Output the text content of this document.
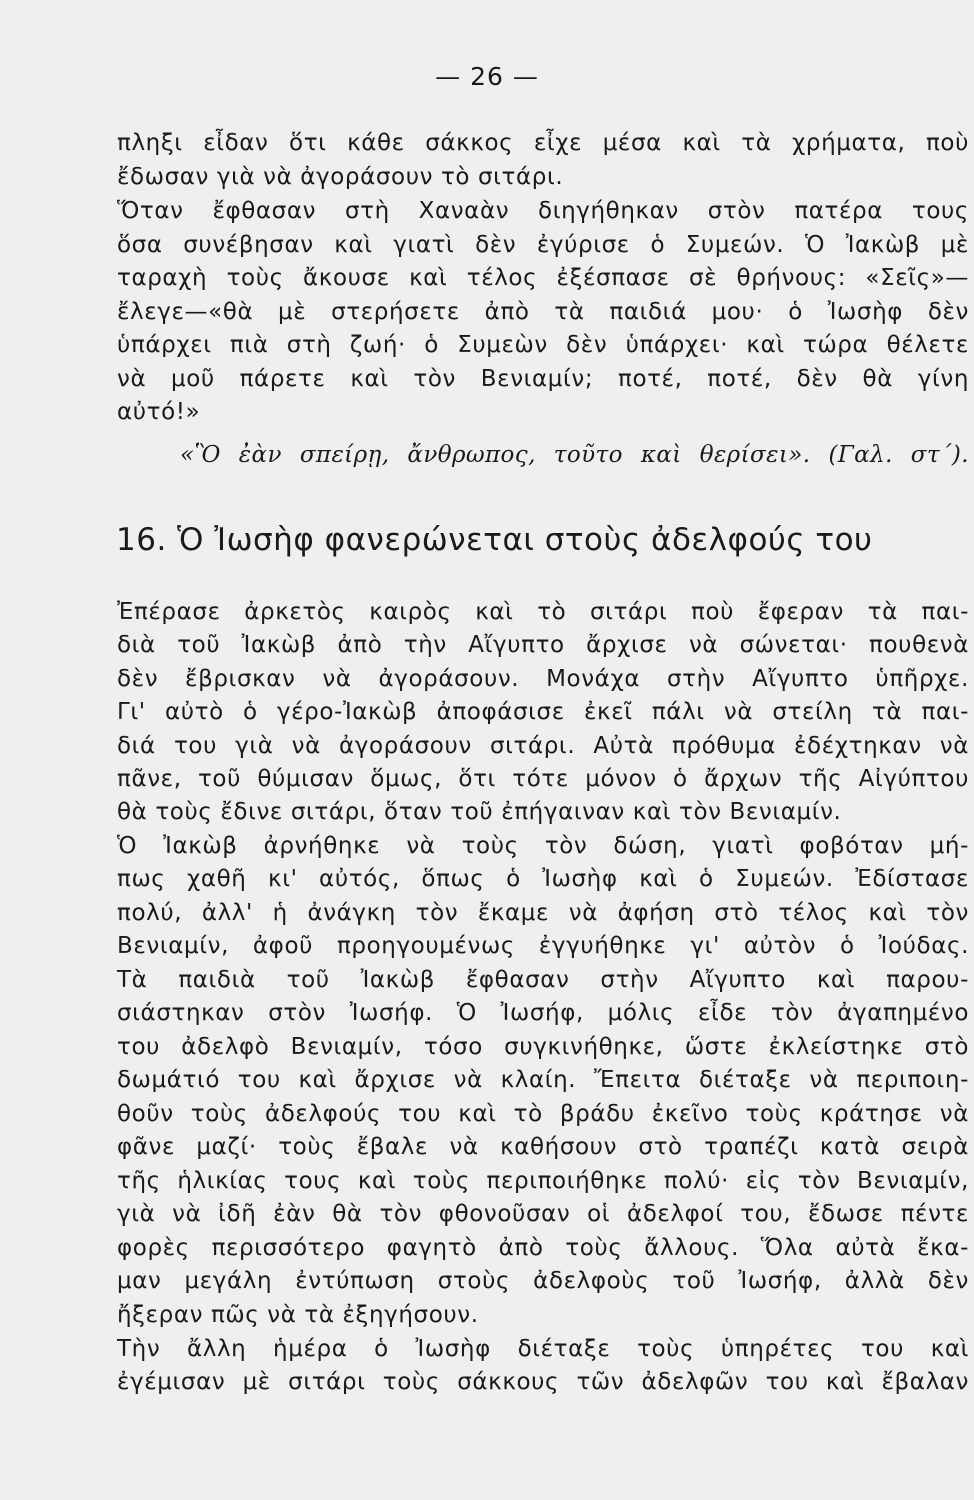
— 26 —
πληξι εἶδαν ὅτι κάθε σάκκος εἶχε μέσα καὶ τὰ χρήματα, ποὺ
ἔδωσαν γιὰ νὰ ἀγοράσουν τὸ σιτάρι.
Ὅταν ἔφθασαν στὴ Χαναὰν διηγήθηκαν στὸν πατέρα τους
ὅσα συνέβησαν καὶ γιατὶ δὲν ἐγύρισε ὁ Συμεών. Ὁ Ἰακὼβ μὲ
ταραχὴ τοὺς ἄκουσε καὶ τέλος ἐξέσπασε σὲ θρήνους: «Σεῖς»—
ἔλεγε—«θὰ μὲ στερήσετε ἀπὸ τὰ παιδιά μου· ὁ Ἰωσὴφ δὲν
ὑπάρχει πιὰ στὴ ζωή· ὁ Συμεὼν δὲν ὑπάρχει· καὶ τώρα θέλετε
νὰ μοῦ πάρετε καὶ τὸν Βενιαμίν; ποτέ, ποτέ, δὲν θὰ γίνη
αὐτό!»
«Ὃ ἐὰν σπείρῃ, ἄνθρωπος, τοῦτο καὶ θερίσει». (Γαλ. στ΄).
16. Ὁ Ἰωσὴφ φανερώνεται στοὺς ἀδελφούς του
Ἐπέρασε ἀρκετὸς καιρὸς καὶ τὸ σιτάρι ποὺ ἔφεραν τὰ παι-
διὰ τοῦ Ἰακὼβ ἀπὸ τὴν Αἴγυπτο ἄρχισε νὰ σώνεται· πουθενὰ
δὲν ἔβρισκαν νὰ ἀγοράσουν. Μονάχα στὴν Αἴγυπτο ὑπῆρχε.
Γι' αὐτὸ ὁ γέρο-Ἰακὼβ ἀποφάσισε ἐκεῖ πάλι νὰ στείλη τὰ παι-
διά του γιὰ νὰ ἀγοράσουν σιτάρι. Αὐτὰ πρόθυμα ἐδέχτηκαν νὰ
πᾶνε, τοῦ θύμισαν ὅμως, ὅτι τότε μόνον ὁ ἄρχων τῆς Αἰγύπτου
θὰ τοὺς ἔδινε σιτάρι, ὅταν τοῦ ἐπήγαιναν καὶ τὸν Βενιαμίν.
Ὁ Ἰακὼβ ἀρνήθηκε νὰ τοὺς τὸν δώση, γιατὶ φοβόταν μή-
πως χαθῆ κι' αὐτός, ὅπως ὁ Ἰωσὴφ καὶ ὁ Συμεών. Ἐδίστασε
πολύ, ἀλλ' ἡ ἀνάγκη τὸν ἔκαμε νὰ ἀφήση στὸ τέλος καὶ τὸν
Βενιαμίν, ἀφοῦ προηγουμένως ἐγγυήθηκε γι' αὐτὸν ὁ Ἰούδας.
Τὰ παιδιὰ τοῦ Ἰακὼβ ἔφθασαν στὴν Αἴγυπτο καὶ παρου-
σιάστηκαν στὸν Ἰωσήφ. Ὁ Ἰωσήφ, μόλις εἶδε τὸν ἀγαπημένο
του ἀδελφὸ Βενιαμίν, τόσο συγκινήθηκε, ὥστε ἐκλείστηκε στὸ
δωμάτιό του καὶ ἄρχισε νὰ κλαίη. Ἔπειτα διέταξε νὰ περιποιη-
θοῦν τοὺς ἀδελφούς του καὶ τὸ βράδυ ἐκεῖνο τοὺς κράτησε νὰ
φᾶνε μαζί· τοὺς ἔβαλε νὰ καθήσουν στὸ τραπέζι κατὰ σειρὰ
τῆς ἡλικίας τους καὶ τοὺς περιποιήθηκε πολύ· εἰς τὸν Βενιαμίν,
γιὰ νὰ ἰδῆ ἐὰν θὰ τὸν φθονοῦσαν οἱ ἀδελφοί του, ἔδωσε πέντε
φορὲς περισσότερο φαγητὸ ἀπὸ τοὺς ἄλλους. Ὅλα αὐτὰ ἔκα-
μαν μεγάλη ἐντύπωση στοὺς ἀδελφοὺς τοῦ Ἰωσήφ, ἀλλὰ δὲν
ἤξεραν πῶς νὰ τὰ ἐξηγήσουν.
Τὴν ἄλλη ἡμέρα ὁ Ἰωσὴφ διέταξε τοὺς ὑπηρέτες του καὶ
ἐγέμισαν μὲ σιτάρι τοὺς σάκκους τῶν ἀδελφῶν του καὶ ἔβαλαν
